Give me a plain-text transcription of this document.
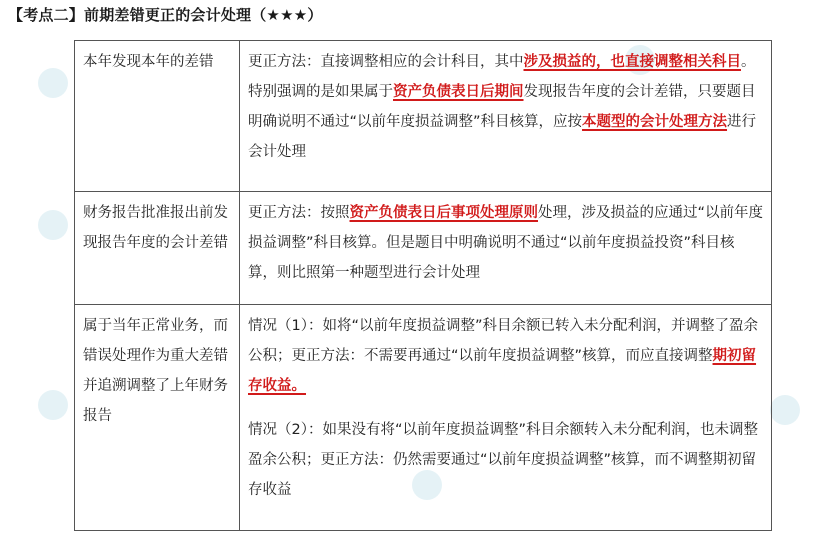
【考点二】前期差错更正的会计处理（★★★）
本年发现本年的差错	更正方法：直接调整相应的会计科目，其中涉及损益的，也直接调整相关科目。特别强调的是如果属于资产负债表日后期间发现报告年度的会计差错，只要题目明确说明不通过“以前年度损益调整”科目核算，应按本题型的会计处理方法进行会计处理
财务报告批准报出前发现报告年度的会计差错	更正方法：按照资产负债表日后事项处理原则处理，涉及损益的应通过“以前年度损益调整”科目核算。但是题目中明确说明不通过“以前年度损益投资”科目核算，则比照第一种题型进行会计处理
属于当年正常业务，而错误处理作为重大差错并追溯调整了上年财务报告	情况（1）：如将“以前年度损益调整”科目余额已转入未分配利润，并调整了盈余公积；更正方法：不需要再通过“以前年度损益调整”核算，而应直接调整期初留存收益。
情况（2）：如果没有将“以前年度损益调整”科目余额转入未分配利润，也未调整盈余公积；更正方法：仍然需要通过“以前年度损益调整”核算，而不调整期初留存收益
